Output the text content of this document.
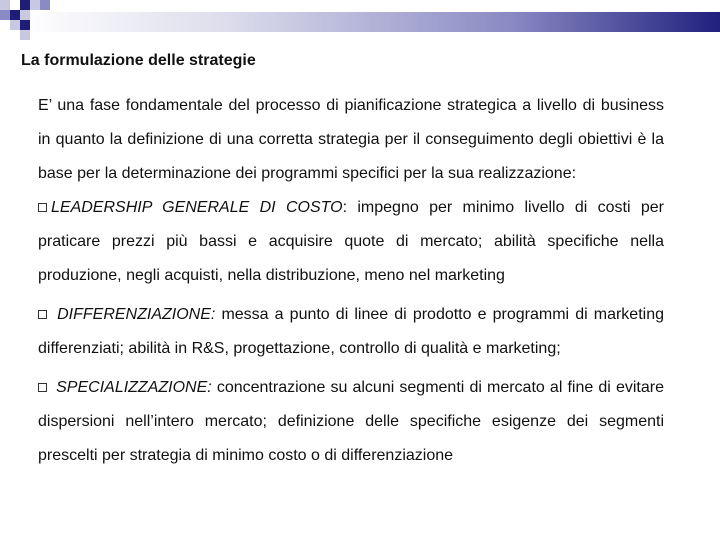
La formulazione delle strategie

E’ una fase fondamentale del processo di pianificazione strategica a livello di business in quanto la definizione di una corretta strategia per il conseguimento degli obiettivi è la base per la determinazione dei programmi specifici per la sua realizzazione:

LEADERSHIP GENERALE DI COSTO: impegno per minimo livello di costi per praticare prezzi più bassi e acquisire quote di mercato; abilità specifiche nella produzione, negli acquisti, nella distribuzione, meno nel marketing

DIFFERENZIAZIONE: messa a punto di linee di prodotto e programmi di marketing differenziati; abilità in R&S, progettazione, controllo di qualità e marketing;

SPECIALIZZAZIONE: concentrazione su alcuni segmenti di mercato al fine di evitare dispersioni nell’intero mercato; definizione delle specifiche esigenze dei segmenti prescelti per strategia di minimo costo o di differenziazione
